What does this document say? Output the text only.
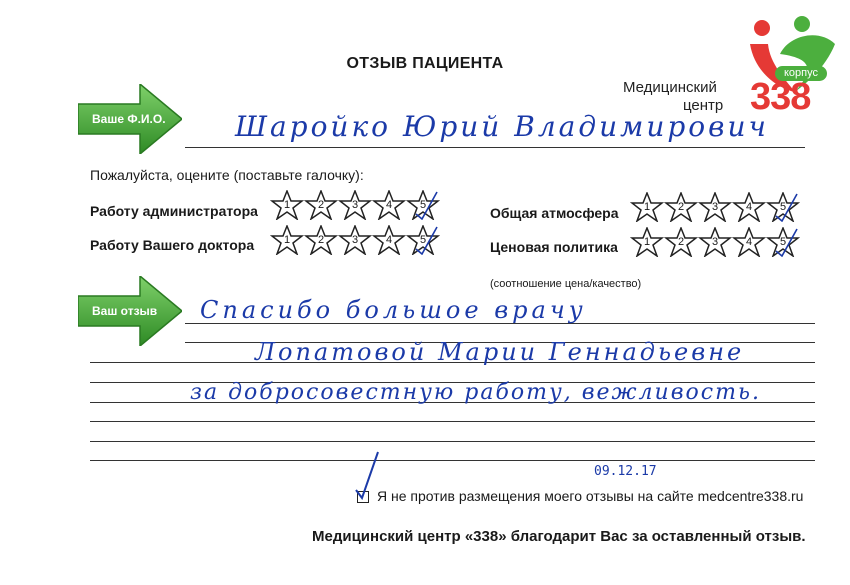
ОТЗЫВ ПАЦИЕНТА
Медицинский
центр
корпус
338
Ваше Ф.И.О. Шаройко Юрий Владимирович
Пожалуйста, оцените (поставьте галочку):
Работу администратора	1	2	3	4	5
Работу Вашего доктора	1	2	3	4	5
Общая атмосфера	1	2	3	4	5
Ценовая политика	1	2	3	4	5
(соотношение цена/качество)
Ваш отзыв Спасибо большое врачу
Лопатовой Марии Геннадьевне
за добросовестную работу, вежливость.
09.12.17
Я не против размещения моего отзывы на сайте medcentre338.ru
Медицинский центр «338» благодарит Вас за оставленный отзыв.
